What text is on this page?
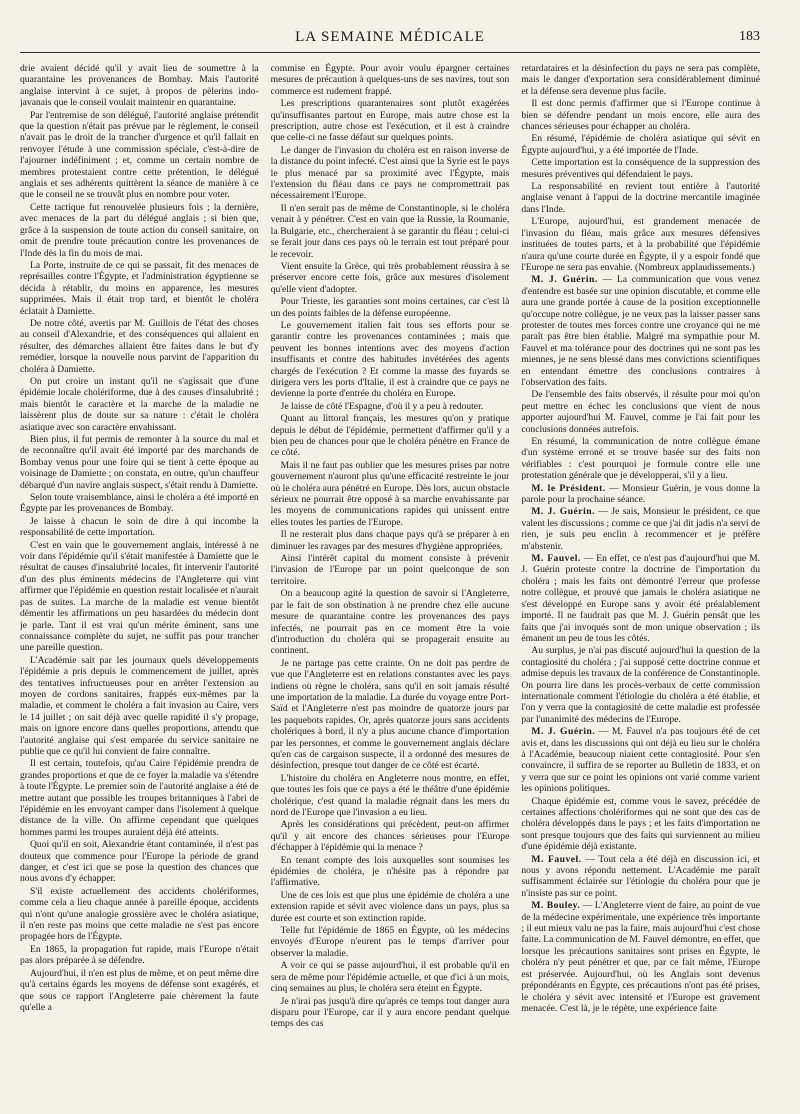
LA SEMAINE MÉDICALE	183

drie avaient décidé qu'il y avait lieu de soumettre à la quarantaine les provenances de Bombay. Mais l'autorité anglaise intervint à ce sujet, à propos de pèlerins indo-javanais que le conseil voulait maintenir en quarantaine.

Par l'entremise de son délégué, l'autorité anglaise prétendit que la question n'était pas prévue par le règlement, le conseil n'avait pas le droit de la trancher d'urgence et qu'il fallait en renvoyer l'étude à une commission spéciale, c'est-à-dire de l'ajourner indéfiniment ; et, comme un certain nombre de membres protestaient contre cette prétention, le délégué anglais et ses adhérents quittèrent la séance de manière à ce que le conseil ne se trouvât plus en nombre pour voter.

Cette tactique fut renouvelée plusieurs fois ; la dernière, avec menaces de la part du délégué anglais ; si bien que, grâce à la suspension de toute action du conseil sanitaire, on omit de prendre toute précaution contre les provenances de l'Inde dès la fin du mois de mai.

La Porte, instruite de ce qui se passait, fit des menaces de représailles contre l'Égypte, et l'administration égyptienne se décida à rétablir, du moins en apparence, les mesures supprimées. Mais il était trop tard, et bientôt le choléra éclatait à Damiette.

De notre côté, avertis par M. Guillois de l'état des choses au conseil d'Alexandrie, et des conséquences qui allaient en résulter, des démarches allaient être faites dans le but d'y remédier, lorsque la nouvelle nous parvint de l'apparition du choléra à Damiette.

On put croire un instant qu'il ne s'agissait que d'une épidémie locale cholériforme, due à des causes d'insalubrité ; mais bientôt le caractère et la marche de la maladie ne laissèrent plus de doute sur sa nature : c'était le choléra asiatique avec son caractère envahissant.

Bien plus, il fut permis de remonter à la source du mal et de reconnaître qu'il avait été importé par des marchands de Bombay venus pour une foire qui se tient à cette époque au voisinage de Damiette ; on constata, en outre, qu'un chauffeur débarqué d'un navire anglais suspect, s'était rendu à Damiette.

Selon toute vraisemblance, ainsi le choléra a été importé en Égypte par les provenances de Bombay.

Je laisse à chacun le soin de dire à qui incombe la responsabilité de cette importation.

C'est en vain que le gouvernement anglais, intéressé à ne voir dans l'épidémie qu'il s'était manifestée à Damiette que le résultat de causes d'insalubrité locales, fit intervenir l'autorité d'un des plus éminents médecins de l'Angleterre qui vint affirmer que l'épidémie en question restait localisée et n'aurait pas de suites. La marche de la maladie est venue bientôt démentir les affirmations un peu hasardées du médecin dont je parle. Tant il est vrai qu'un mérite éminent, sans une connaissance complète du sujet, ne suffit pas pour trancher une pareille question.

L'Académie sait par les journaux quels développements l'épidémie a pris depuis le commencement de juillet, après des tentatives infructueuses pour en arrêter l'extension au moyen de cordons sanitaires, frappés eux-mêmes par la maladie, et comment le choléra a fait invasion au Caire, vers le 14 juillet ; on sait déjà avec quelle rapidité il s'y propage, mais on ignore encore dans quelles proportions, attendu que l'autorité anglaise qui s'est emparée du service sanitaire ne publie que ce qu'il lui convient de faire connaître.

Il est certain, toutefois, qu'au Caire l'épidémie prendra de grandes proportions et que de ce foyer la maladie va s'étendre à toute l'Égypte. Le premier soin de l'autorité anglaise a été de mettre autant que possible les troupes britanniques à l'abri de l'épidémie en les envoyant camper dans l'isolement à quelque distance de la ville. On affirme cependant que quelques hommes parmi les troupes auraient déjà été atteints.

Quoi qu'il en soit, Alexandrie étant contaminée, il n'est pas douteux que commence pour l'Europe la période de grand danger, et c'est ici que se pose la question des chances que nous avons d'y échapper.

S'il existe actuellement des accidents cholériformes, comme cela a lieu chaque année à pareille époque, accidents qui n'ont qu'une analogie grossière avec le choléra asiatique, il n'en reste pas moins que cette maladie ne s'est pas encore propagée hors de l'Égypte.

En 1865, la propagation fut rapide, mais l'Europe n'était pas alors préparée à se défendre.

Aujourd'hui, il n'en est plus de même, et on peut même dire qu'à certains égards les moyens de défense sont exagérés, et que sous ce rapport l'Angleterre paie chèrement la faute qu'elle a

commise en Égypte. Pour avoir voulu épargner certaines mesures de précaution à quelques-uns de ses navires, tout son commerce est rudement frappé.

Les prescriptions quarantenaires sont plutôt exagérées qu'insuffisantes partout en Europe, mais autre chose est la prescription, autre chose est l'exécution, et il est à craindre que celle-ci ne fasse défaut sur quelques points.

Le danger de l'invasion du choléra est en raison inverse de la distance du point infecté. C'est ainsi que la Syrie est le pays le plus menacé par sa proximité avec l'Égypte, mais l'extension du fléau dans ce pays ne compromettrait pas nécessairement l'Europe.

Il n'en serait pas de même de Constantinople, si le choléra venait à y pénétrer. C'est en vain que la Russie, la Roumanie, la Bulgarie, etc., chercheraient à se garantir du fléau ; celui-ci se ferait jour dans ces pays où le terrain est tout préparé pour le recevoir.

Vient ensuite la Grèce, qui très probablement réussira à se préserver encore cette fois, grâce aux mesures d'isolement qu'elle vient d'adopter.

Pour Trieste, les garanties sont moins certaines, car c'est là un des points faibles de la défense européenne.

Le gouvernement italien fait tous ses efforts pour se garantir contre les provenances contaminées ; mais que peuvent les bonnes intentions avec des moyens d'action insuffisants et contre des habitudes invétérées des agents chargés de l'exécution ? Et comme la masse des fuyards se dirigera vers les ports d'Italie, il est à craindre que ce pays ne devienne la porte d'entrée du choléra en Europe.

Je laisse de côté l'Espagne, d'où il y a peu à redouter.

Quant au littoral français, les mesures qu'on y pratique depuis le début de l'épidémie, permettent d'affirmer qu'il y a bien peu de chances pour que le choléra pénètre en France de ce côté.

Mais il ne faut pas oublier que les mesures prises par notre gouvernement n'auront plus qu'une efficacité restreinte le jour où le choléra aura pénétré en Europe. Dès lors, aucun obstacle sérieux ne pourrait être opposé à sa marche envahissante par les moyens de communications rapides qui unissent entre elles toutes les parties de l'Europe.

Il ne resterait plus dans chaque pays qu'à se préparer à en diminuer les ravages par des mesures d'hygiène appropriées.

Ainsi l'intérêt capital du moment consiste à prévenir l'invasion de l'Europe par un point quelconque de son territoire.

On a beaucoup agité la question de savoir si l'Angleterre, par le fait de son obstination à ne prendre chez elle aucune mesure de quarantaine contre les provenances des pays infectés, ne pourrait pas en ce moment être la voie d'introduction du choléra qui se propagerait ensuite au continent.

Je ne partage pas cette crainte. On ne doit pas perdre de vue que l'Angleterre est en relations constantes avec les pays indiens où règne le choléra, sans qu'il en soit jamais résulté une importation de la maladie. La durée du voyage entre Port-Saïd et l'Angleterre n'est pas moindre de quatorze jours par les paquebots rapides. Or, après quatorze jours sans accidents cholériques à bord, il n'y a plus aucune chance d'importation par les personnes, et comme le gouvernement anglais déclare qu'en cas de cargaison suspecte, il a ordonné des mesures de désinfection, presque tout danger de ce côté est écarté.

L'histoire du choléra en Angleterre nous montre, en effet, que toutes les fois que ce pays a été le théâtre d'une épidémie cholérique, c'est quand la maladie régnait dans les mers du nord de l'Europe que l'invasion a eu lieu.

Après les considérations qui précèdent, peut-on affirmer qu'il y ait encore des chances sérieuses pour l'Europe d'échapper à l'épidémie qui la menace ?

En tenant compte des lois auxquelles sont soumises les épidémies de choléra, je n'hésite pas à répondre par l'affirmative.

Une de ces lois est que plus une épidémie de choléra a une extension rapide et sévit avec violence dans un pays, plus sa durée est courte et son extinction rapide.

Telle fut l'épidémie de 1865 en Égypte, où les médecins envoyés d'Europe n'eurent pas le temps d'arriver pour observer la maladie.

A voir ce qui se passe aujourd'hui, il est probable qu'il en sera de même pour l'épidémie actuelle, et que d'ici à un mois, cinq semaines au plus, le choléra sera éteint en Égypte.

Je n'irai pas jusqu'à dire qu'après ce temps tout danger aura disparu pour l'Europe, car il y aura encore pendant quelque temps des cas

retardataires et la désinfection du pays ne sera pas complète, mais le danger d'exportation sera considérablement diminué et la défense sera devenue plus facile.

Il est donc permis d'affirmer que si l'Europe continue à bien se défendre pendant un mois encore, elle aura des chances sérieuses pour échapper au choléra.

En résumé, l'épidémie de choléra asiatique qui sévit en Égypte aujourd'hui, y a été importée de l'Inde.

Cette importation est la conséquence de la suppression des mesures préventives qui défendaient le pays.

La responsabilité en revient tout entière à l'autorité anglaise venant à l'appui de la doctrine mercantile imaginée dans l'Inde.

L'Europe, aujourd'hui, est grandement menacée de l'invasion du fléau, mais grâce aux mesures défensives instituées de toutes parts, et à la probabilité que l'épidémie n'aura qu'une courte durée en Égypte, il y a espoir fondé que l'Europe ne sera pas envahie. (Nombreux applaudissements.)

M. J. Guérin. — La communication que vous venez d'entendre est basée sur une opinion discutable, et comme elle aura une grande portée à cause de la position exceptionnelle qu'occupe notre collègue, je ne veux pas la laisser passer sans protester de toutes mes forces contre une croyance qui ne me paraît pas être bien établie. Malgré ma sympathie pour M. Fauvel et ma tolérance pour des doctrines qui ne sont pas les miennes, je ne sens blessé dans mes convictions scientifiques en entendant émettre des conclusions contraires à l'observation des faits.

De l'ensemble des faits observés, il résulte pour moi qu'on peut mettre en échec les conclusions que vient de nous apporter aujourd'hui M. Fauvel, comme je l'ai fait pour les conclusions données autrefois.

En résumé, la communication de notre collègue émane d'un système erroné et se trouve basée sur des faits non vérifiables : c'est pourquoi je formule contre elle une protestation générale que je développerai, s'il y a lieu.

M. le Président. — Monsieur Guérin, je vous donne la parole pour la prochaine séance.

M. J. Guérin. — Je sais, Monsieur le président, ce que valent les discussions ; comme ce que j'ai dit jadis n'a servi de rien, je suis peu enclin à recommencer et je préfère m'abstenir.

M. Fauvel. — En effet, ce n'est pas d'aujourd'hui que M. J. Guérin proteste contre la doctrine de l'importation du choléra ; mais les faits ont démontré l'erreur que professe notre collègue, et prouvé que jamais le choléra asiatique ne s'est développé en Europe sans y avoir été préalablement importé. Il ne faudrait pas que M. J. Guérin pensât que les faits que j'ai invoqués sont de mon unique observation ; ils émanent un peu de tous les côtés.

Au surplus, je n'ai pas discuté aujourd'hui la question de la contagiosité du choléra ; j'ai supposé cette doctrine connue et admise depuis les travaux de la conférence de Constantinople. On pourra lire dans les procès-verbaux de cette commission internationale comment l'étiologie du choléra a été établie, et l'on y verra que la contagiosité de cette maladie est professée par l'unanimité des médecins de l'Europe.

M. J. Guérin. — M. Fauvel n'a pas toujours été de cet avis et, dans les discussions qui ont déjà eu lieu sur le choléra à l'Académie, beaucoup niaient cette contagiosité. Pour s'en convaincre, il suffira de se reporter au Bulletin de 1833, et on y verra que sur ce point les opinions ont varié comme varient les opinions politiques.

Chaque épidémie est, comme vous le savez, précédée de certaines affections cholériformes qui ne sont que des cas de choléra développés dans le pays ; et les faits d'importation ne sont presque toujours que des faits qui surviennent au milieu d'une épidémie déjà existante.

M. Fauvel. — Tout cela a été déjà en discussion ici, et nous y avons répondu nettement. L'Académie me paraît suffisamment éclairée sur l'étiologie du choléra pour que je n'insiste pas sur ce point.

M. Bouley. — L'Angleterre vient de faire, au point de vue de la médecine expérimentale, une expérience très importante ; il eut mieux valu ne pas la faire, mais aujourd'hui c'est chose faite. La communication de M. Fauvel démontre, en effet, que lorsque les précautions sanitaires sont prises en Égypte, le choléra n'y peut pénétrer et que, par ce fait même, l'Europe est préservée. Aujourd'hui, où les Anglais sont devenus prépondérants en Égypte, ces précautions n'ont pas été prises, le choléra y sévit avec intensité et l'Europe est gravement menacée. C'est là, je le répète, une expérience faite
